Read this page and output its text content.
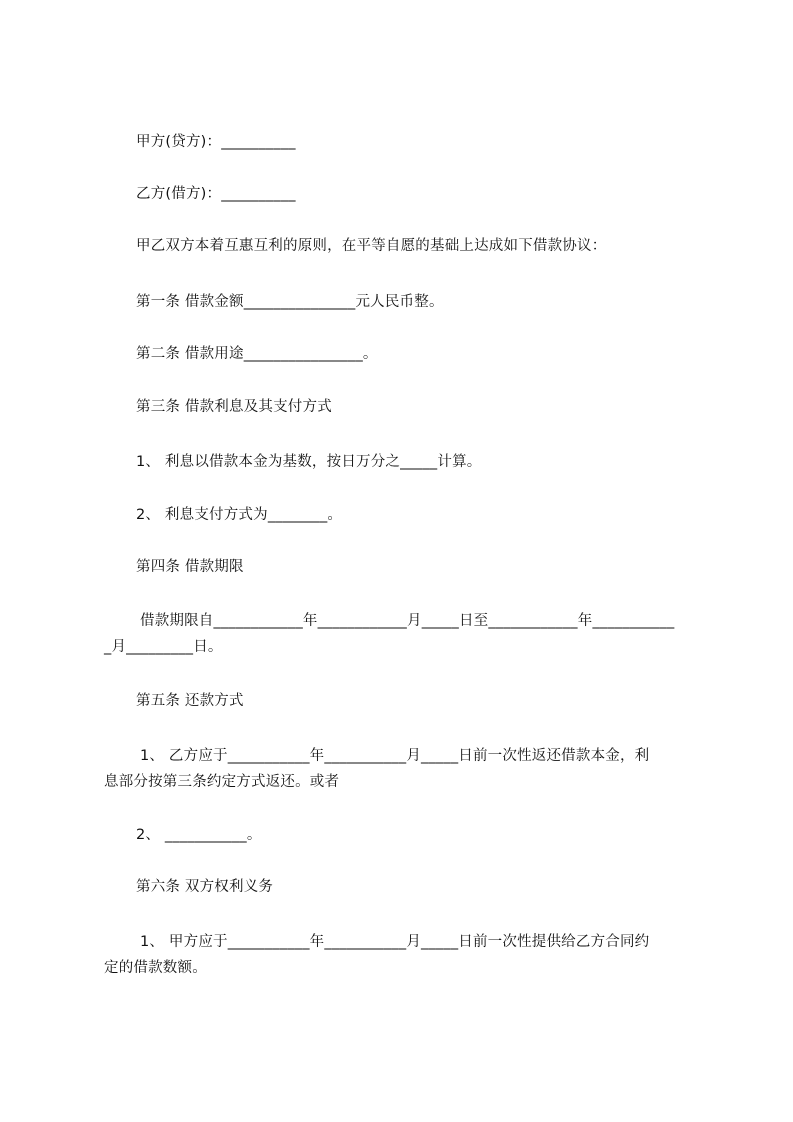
甲方(贷方)：__________
乙方(借方)：__________
甲乙双方本着互惠互利的原则，在平等自愿的基础上达成如下借款协议：
第一条 借款金额_______________元人民币整。
第二条 借款用途________________。
第三条 借款利息及其支付方式
1、 利息以借款本金为基数，按日万分之_____计算。
2、 利息支付方式为________。
第四条 借款期限
借款期限自____________年____________月_____日至____________年___________
_月_________日。
第五条 还款方式
1、 乙方应于___________年___________月_____日前一次性返还借款本金，利
息部分按第三条约定方式返还。或者
2、 ___________。
第六条 双方权利义务
1、 甲方应于___________年___________月_____日前一次性提供给乙方合同约
定的借款数额。
